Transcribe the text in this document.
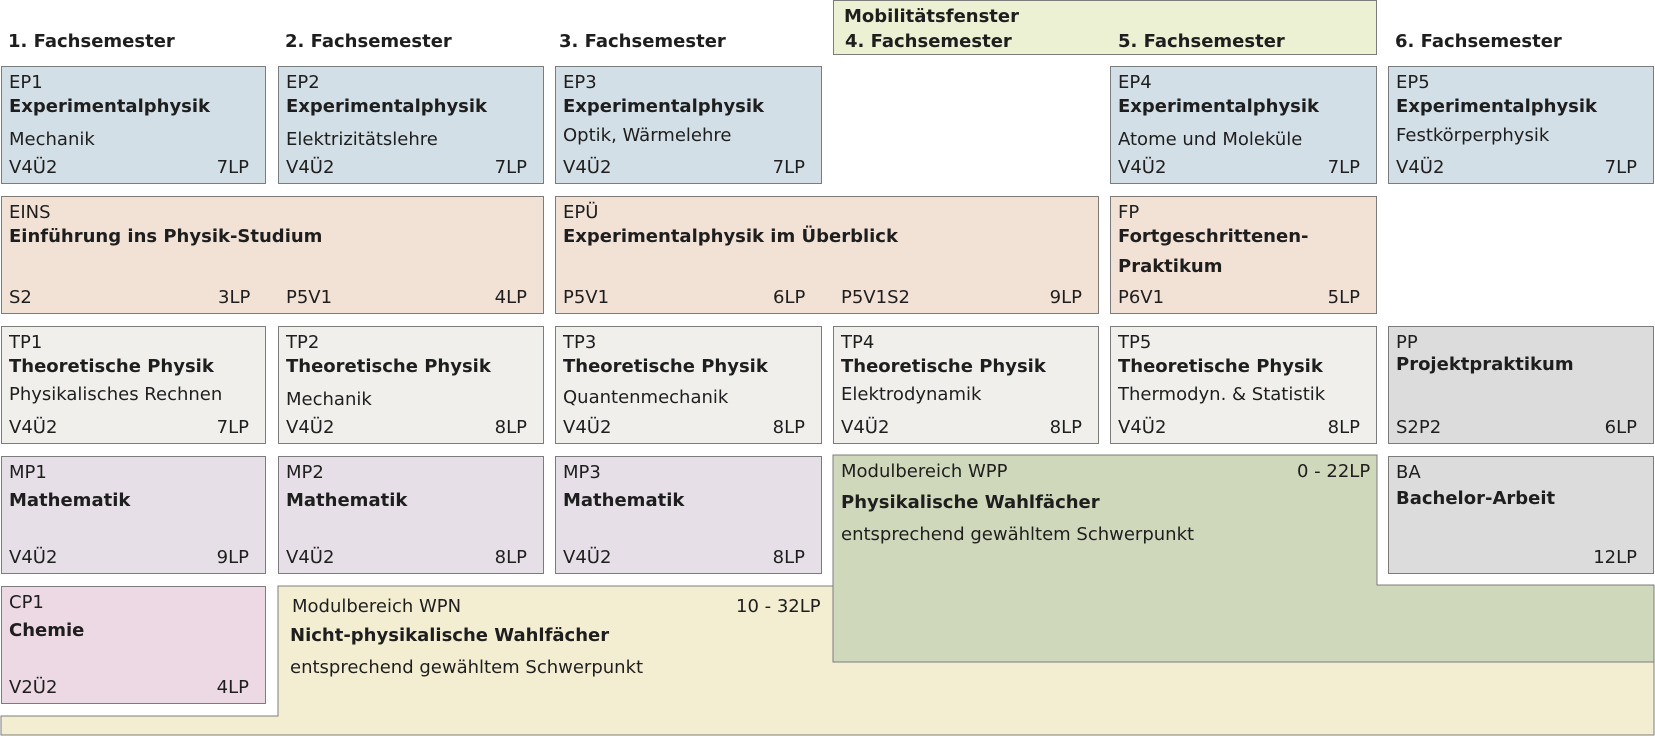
Mobilitätsfenster
1. Fachsemester	2. Fachsemester	3. Fachsemester	4. Fachsemester	5. Fachsemester	6. Fachsemester
EP1
Experimentalphysik
Mechanik
V4Ü2	7LP
EP2
Experimentalphysik
Elektrizitätslehre
V4Ü2	7LP
EP3
Experimentalphysik
Optik, Wärmelehre
V4Ü2	7LP
EP4
Experimentalphysik
Atome und Moleküle
V4Ü2	7LP
EP5
Experimentalphysik
Festkörperphysik
V4Ü2	7LP
EINS
Einführung ins Physik-Studium
S2	3LP P5V1	4LP
EPÜ
Experimentalphysik im Überblick
P5V1	6LP P5V1S2	9LP
FP
Fortgeschrittenen-Praktikum
P6V1	5LP
TP1
Theoretische Physik
Physikalisches Rechnen
V4Ü2	7LP
TP2
Theoretische Physik
Mechanik
V4Ü2	8LP
TP3
Theoretische Physik
Quantenmechanik
V4Ü2	8LP
TP4
Theoretische Physik
Elektrodynamik
V4Ü2	8LP
TP5
Theoretische Physik
Thermodyn. & Statistik
V4Ü2	8LP
PP
Projektpraktikum
S2P2	6LP
MP1
Mathematik
V4Ü2	9LP
MP2
Mathematik
V4Ü2	8LP
MP3
Mathematik
V4Ü2	8LP
BA
Bachelor-Arbeit
12LP
Modulbereich WPP	0 - 22LP
Physikalische Wahlfächer
entsprechend gewähltem Schwerpunkt
CP1
Chemie
V2Ü2	4LP
Modulbereich WPN	10 - 32LP
Nicht-physikalische Wahlfächer
entsprechend gewähltem Schwerpunkt
